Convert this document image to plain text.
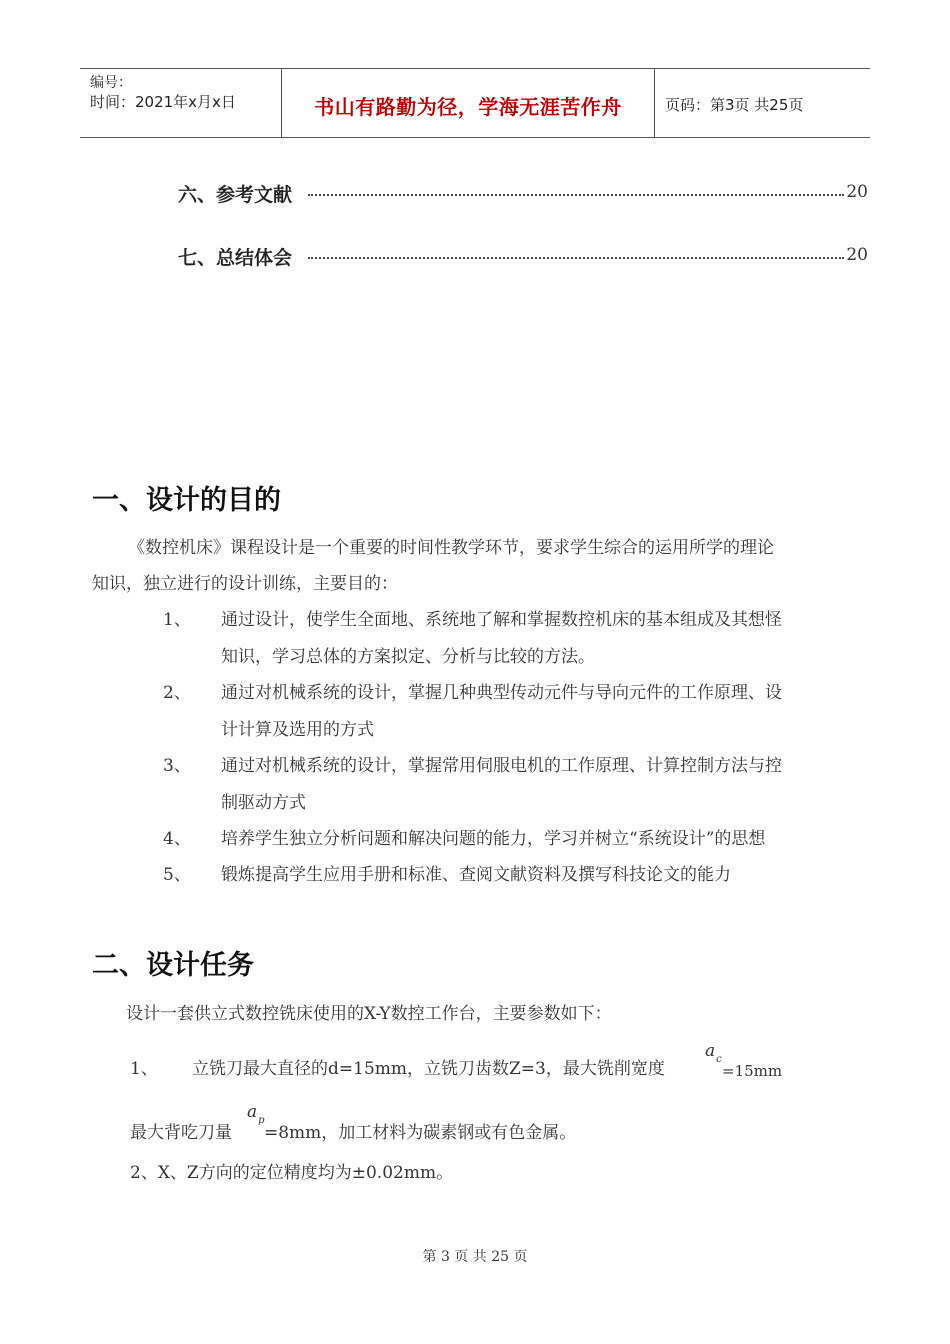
编号：
时间：2021年x月x日	书山有路勤为径，学海无涯苦作舟	页码：第3页 共25页
六、参考文献	20
七、总结体会	20
一、设计的目的
《数控机床》课程设计是一个重要的时间性教学环节，要求学生综合的运用所学的理论
知识，独立进行的设计训练，主要目的：
1、 通过设计，使学生全面地、系统地了解和掌握数控机床的基本组成及其想怪
知识，学习总体的方案拟定、分析与比较的方法。
2、 通过对机械系统的设计，掌握几种典型传动元件与导向元件的工作原理、设
计计算及选用的方式
3、 通过对机械系统的设计，掌握常用伺服电机的工作原理、计算控制方法与控
制驱动方式
4、 培养学生独立分析问题和解决问题的能力，学习并树立“系统设计”的思想
5、 锻炼提高学生应用手册和标准、查阅文献资料及撰写科技论文的能力
二、设计任务
设计一套供立式数控铣床使用的X-Y数控工作台，主要参数如下：
1、 立铣刀最大直径的d=15mm，立铣刀齿数Z=3，最大铣削宽度
$a_c$
=15mm
最大背吃刀量
$a_p$
=8mm，加工材料为碳素钢或有色金属。
2、X、Z方向的定位精度均为±0.02mm。
第 3 页 共 25 页
